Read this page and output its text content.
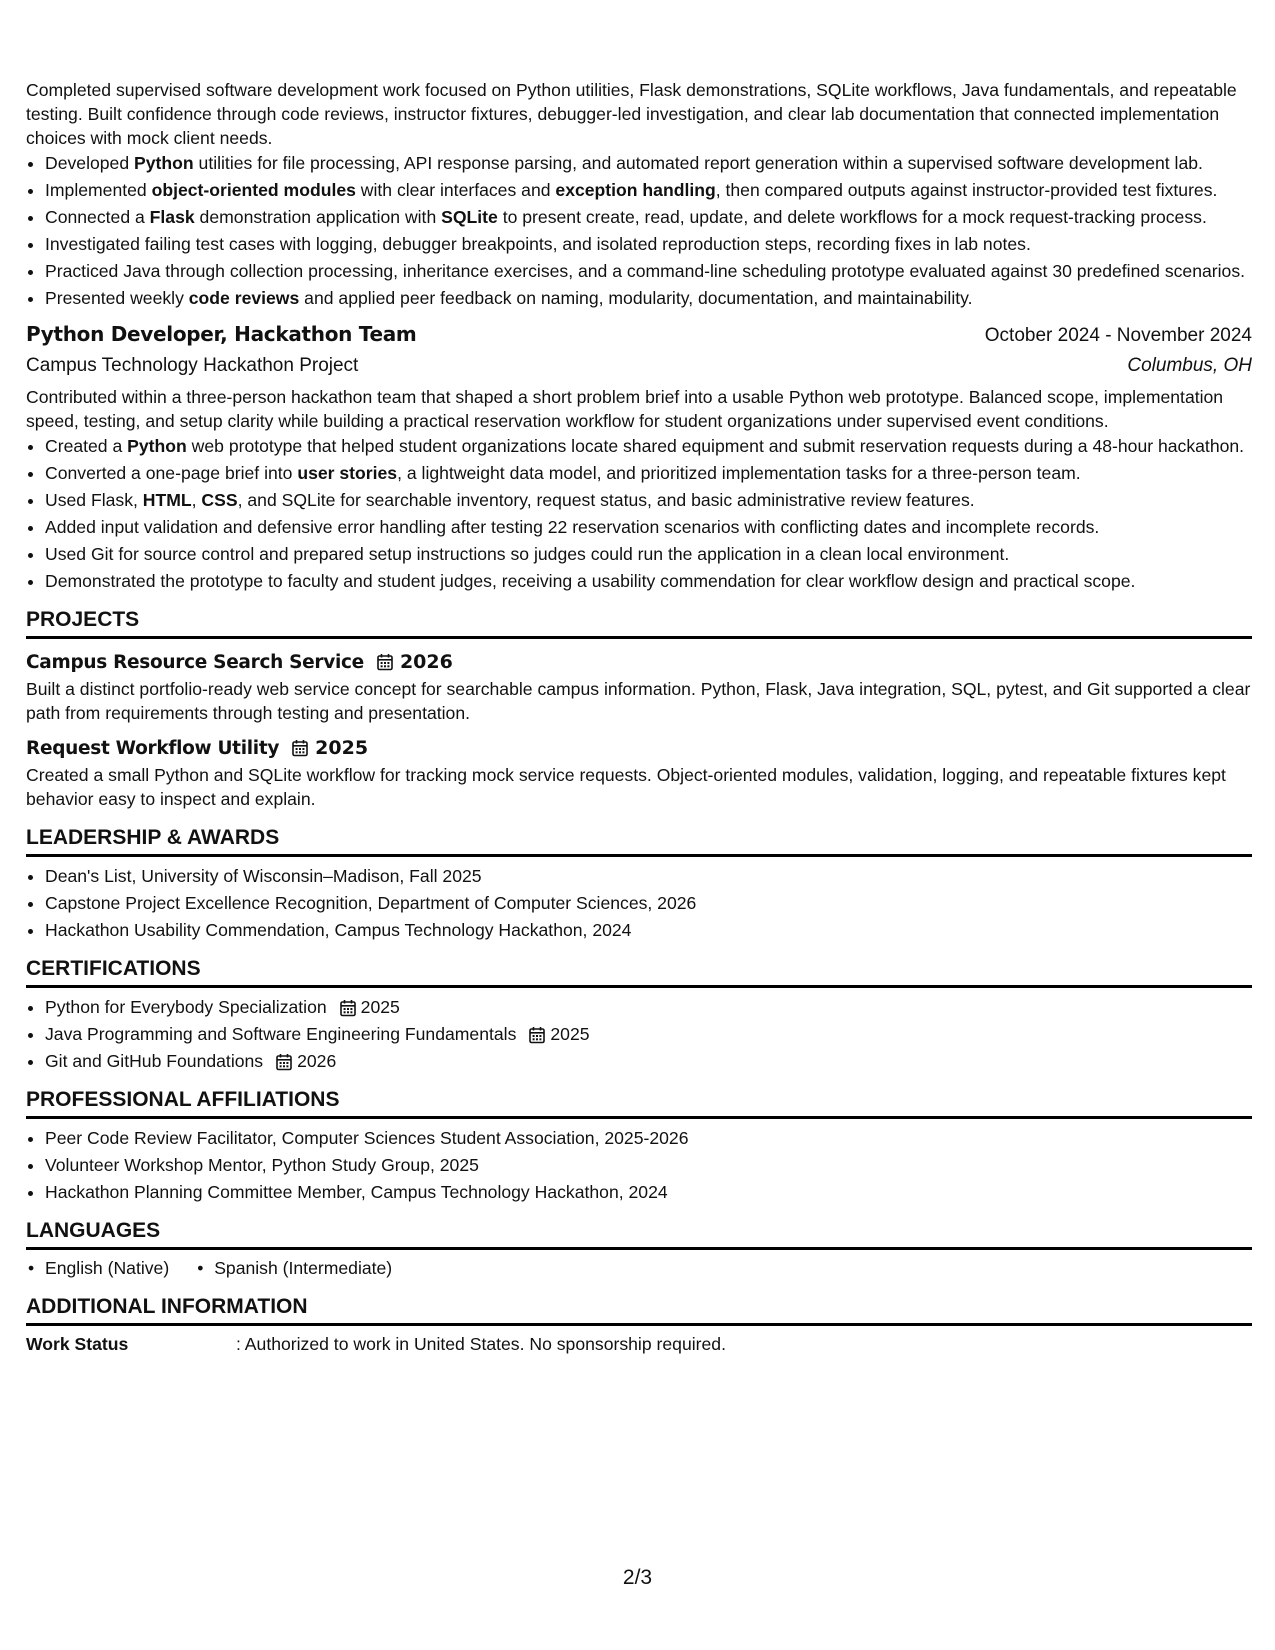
Completed supervised software development work focused on Python utilities, Flask demonstrations, SQLite workflows, Java fundamentals, and repeatable testing. Built confidence through code reviews, instructor fixtures, debugger-led investigation, and clear lab documentation that connected implementation choices with mock client needs.

• Developed Python utilities for file processing, API response parsing, and automated report generation within a supervised software development lab.
• Implemented object-oriented modules with clear interfaces and exception handling, then compared outputs against instructor-provided test fixtures.
• Connected a Flask demonstration application with SQLite to present create, read, update, and delete workflows for a mock request-tracking process.
• Investigated failing test cases with logging, debugger breakpoints, and isolated reproduction steps, recording fixes in lab notes.
• Practiced Java through collection processing, inheritance exercises, and a command-line scheduling prototype evaluated against 30 predefined scenarios.
• Presented weekly code reviews and applied peer feedback on naming, modularity, documentation, and maintainability.
Python Developer, Hackathon Team	October 2024 - November 2024
Campus Technology Hackathon Project	Columbus, OH

Contributed within a three-person hackathon team that shaped a short problem brief into a usable Python web prototype. Balanced scope, implementation speed, testing, and setup clarity while building a practical reservation workflow for student organizations under supervised event conditions.

• Created a Python web prototype that helped student organizations locate shared equipment and submit reservation requests during a 48-hour hackathon.
• Converted a one-page brief into user stories, a lightweight data model, and prioritized implementation tasks for a three-person team.
• Used Flask, HTML, CSS, and SQLite for searchable inventory, request status, and basic administrative review features.
• Added input validation and defensive error handling after testing 22 reservation scenarios with conflicting dates and incomplete records.
• Used Git for source control and prepared setup instructions so judges could run the application in a clean local environment.
• Demonstrated the prototype to faculty and student judges, receiving a usability commendation for clear workflow design and practical scope.
PROJECTS
Campus Resource Search Service 2026

Built a distinct portfolio-ready web service concept for searchable campus information. Python, Flask, Java integration, SQL, pytest, and Git supported a clear path from requirements through testing and presentation.

Request Workflow Utility 2025

Created a small Python and SQLite workflow for tracking mock service requests. Object-oriented modules, validation, logging, and repeatable fixtures kept behavior easy to inspect and explain.

LEADERSHIP & AWARDS
• Dean's List, University of Wisconsin–Madison, Fall 2025
• Capstone Project Excellence Recognition, Department of Computer Sciences, 2026
• Hackathon Usability Commendation, Campus Technology Hackathon, 2024
CERTIFICATIONS
• Python for Everybody Specialization 2025
• Java Programming and Software Engineering Fundamentals 2025
• Git and GitHub Foundations 2026
PROFESSIONAL AFFILIATIONS
• Peer Code Review Facilitator, Computer Sciences Student Association, 2025-2026
• Volunteer Workshop Mentor, Python Study Group, 2025
• Hackathon Planning Committee Member, Campus Technology Hackathon, 2024
LANGUAGES
• English (Native)
•	Spanish (Intermediate)
ADDITIONAL INFORMATION
Work Status	: Authorized to work in United States. No sponsorship required.
2/3
